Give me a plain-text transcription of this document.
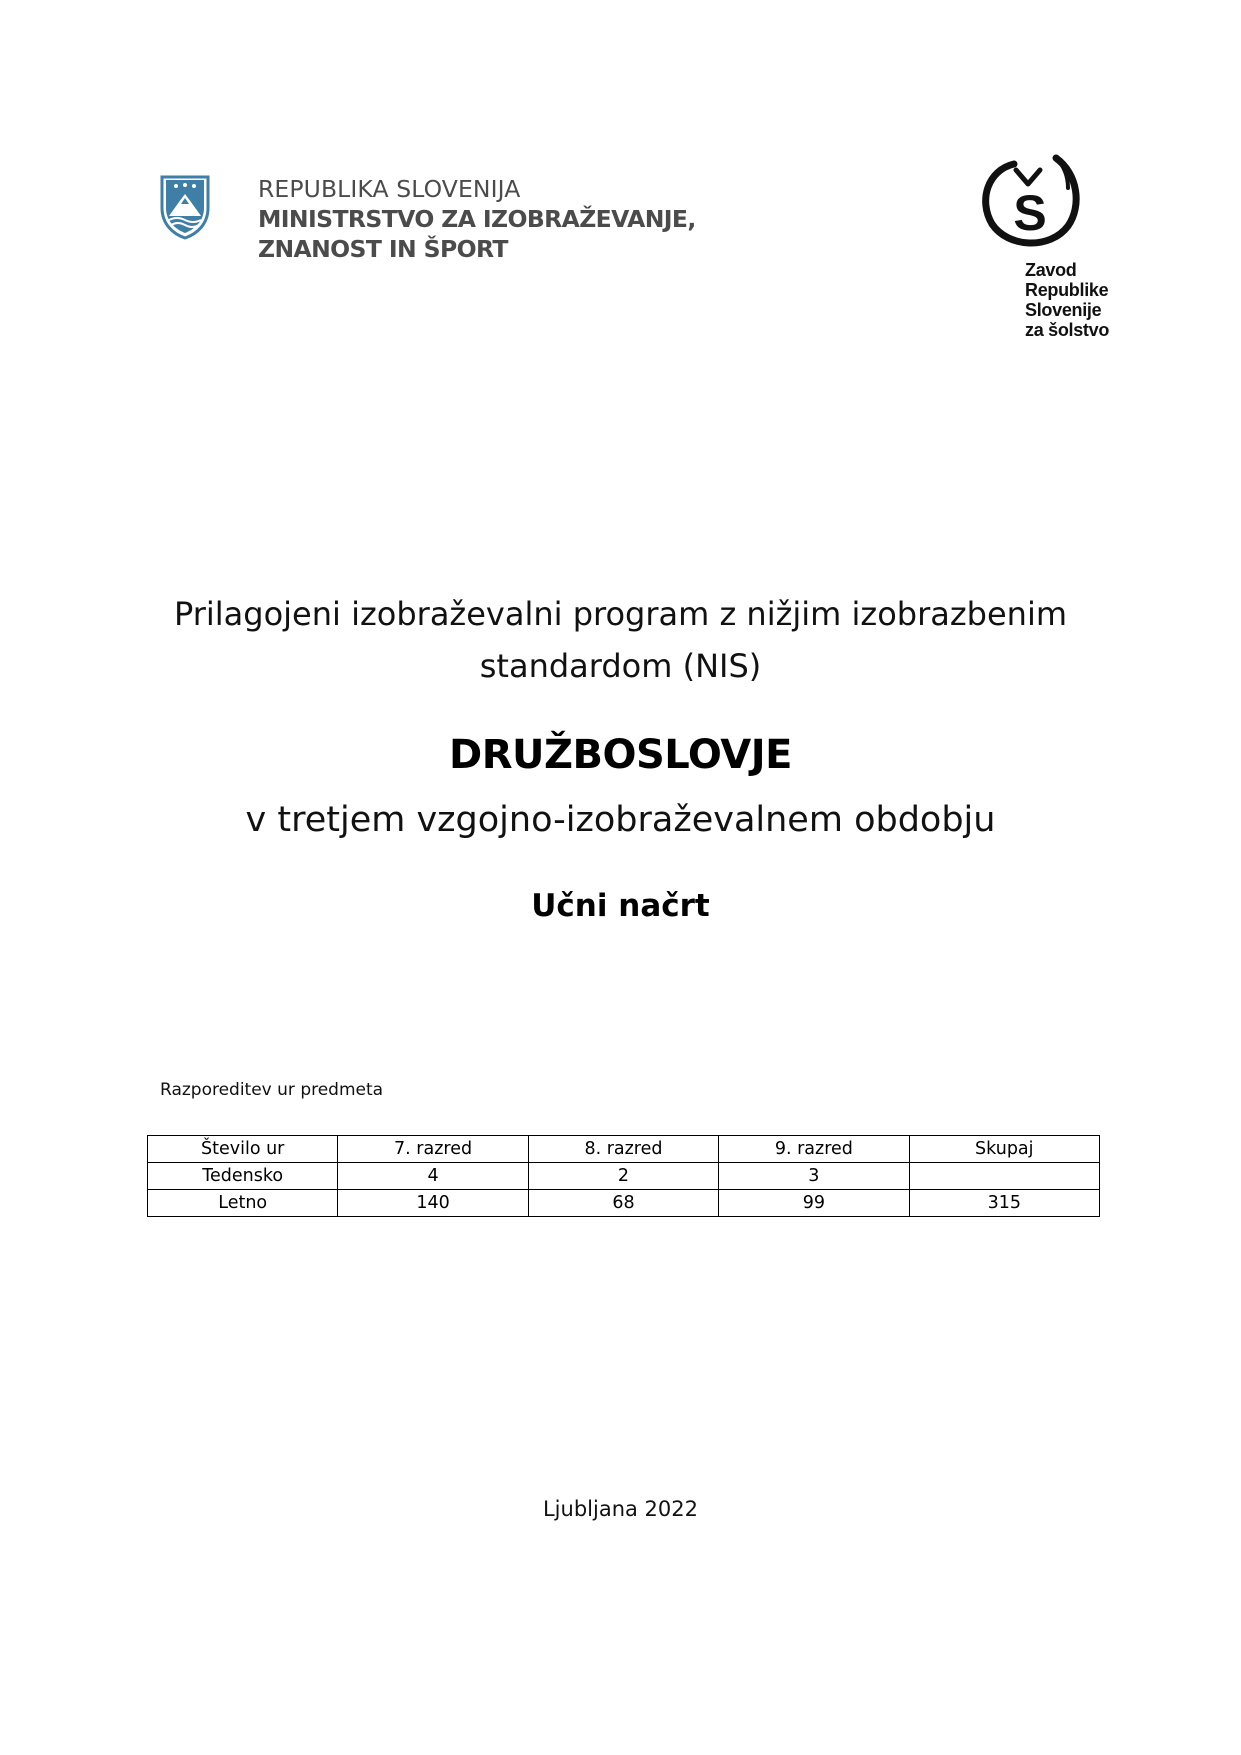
REPUBLIKA SLOVENIJA
MINISTRSTVO ZA IZOBRAŽEVANJE,
ZNANOST IN ŠPORT
S
Zavod
Republike
Slovenije
za šolstvo
Prilagojeni izobraževalni program z nižjim izobrazbenim
standardom (NIS)
DRUŽBOSLOVJE
v tretjem vzgojno-izobraževalnem obdobju
Učni načrt
Razporeditev ur predmeta
Število ur	7. razred	8. razred	9. razred	Skupaj
Tedensko	4	2	3	
Letno	140	68	99	315
Ljubljana 2022
